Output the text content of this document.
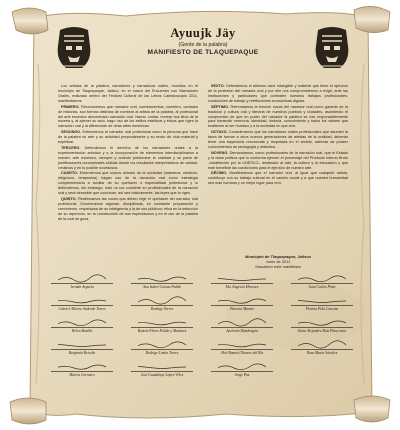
Ayuujk Jäy
(Gente de la palabra)
MANIFIESTO DE TLAQUEPAQUE

Los artistas de la palabra, narradores y narradoras orales, reunidos en el municipio de Tlaquepaque, Jalisco, en el marco del Encuentro con Narradores Orales, realizado dentro del Festival Cultural de las Letras Caleidoscopio 2011, manifestamos:

PRIMERO. Reconocemos que narrador oral, cuentacuentos, cuentero, contador de historias, son formas distintas de nombrar al artista de la palabra, al profesional del arte escénico denominado narración oral. Narrar, contar, recrear nos lleva de la escena y, al ejercer su acto, hago uso de los estilos estéticos y éticos que rigen la narración oral y la diferencian de otras artes escénicas.

SEGUNDO. Entendemos al narrador oral profesional como la persona que hace de la palabra su arte y su actividad preponderante y su modo de vida material y espiritual.

TERCERO. Defendemos el derecho de los narradores orales a la experimentación artística y a la incorporación de elementos interdisciplinarios a nuestro arte escénico, siempre y cuando predomine la oralidad y se parta de justificaciones conceptuales sólidas donde los resultados interpretativos de calidad, creativos y en lo posible novedosos.

CUARTO. Entendemos que somos actores de la sociedad (maestros, médicos, religiosos, terapeutas) hagan uso de la narración oral como estrategia complementaria a auxiliar de su quehacer o especialidad profesional y lo defendemos, sin embargo, esto no los convierte en profesionales de la narración oral y será deseable que conozcan, así sea básicamente, las leyes que la rigen.

QUINTO. Reafirmamos las voces que deben regir el quehacer del narrador oral profesional. Enumeramos algunas: disciplinada, en constante preparación y crecimiento, respetuosa de su inteligencia y la de sus públicos; ética en la selección de su repertorio, en la construcción de sus espectáculos y en el uso de la palabra de la cual se goza.

SEXTO. Defendemos el altísimo valor intangible y material que tiene el ejercicio de la profesión del narrador oral y por ello nos comprometemos a exigir, ante las instituciones y particulares que contraten nuestros trabajos profesionales, condiciones de trabajo y retribuciones económicas dignas.

SÉPTIMO. Refrendamos la función social del narrador oral como garante de la tradición y cultura oral y literaria de nuestros pueblos y ciudades, asumiendo el compromiso de que en poder del narrador la palabra se use responsablemente para transmitir memoria, identidad, historia, conocimiento y todos los valores que enaltecen al ser humano y a la sociedad en que vive.

OCTAVO. Consideramos que los narradores orales profesionales que asumen la tarea de formar a otros nuevos generaciones de artistas de la oralidad, deberán tener una trayectoria reconocida y respetada en el ámbito, además de poseer conocimientos de pedagogía y didáctica.

NOVENO. Demandamos, como profesionales de la narración oral, que el Estado y la clase política que lo conforma ejercen el porcentaje del Producto Interno Bruto –establecido por la UNESCO– destinado al arte, la cultura y la educación y que este beneficie las condiciones para el ejercicio de nuestro arte.

DÉCIMO. Manifestamos que el narrador oral, al igual que cualquier artista, contribuye con su trabajo cultural en el cambio social y a que nuestra humanidad sea más humana y un mejor lugar para vivir.

Municipio de Tlaquepaque, Jalisco
Junio de 2011
Suscriben este manifiesto
Jermán Argueta	Ana Isabel Cuevas Pulido	Ma. Eugenia Meneses	Juan Carlos Pinto
Gabriel Alberto Andrade Torres	Rodrigo Torres	Patricia Mantes	Florina Piña Cancino
Helen Bonilla	Beatriz Flores Pulido y Martinez	Apolonio Mandragón	Zaira Alejandra Ruiz Plascencia
Benjamín Briseño	Rodrigo Limón Torres	Abel Ramos Olivares del Río	Rosa María Sánchez
Marcia Carrasco	José Guadalupe López Vélez	Jorge Paz
